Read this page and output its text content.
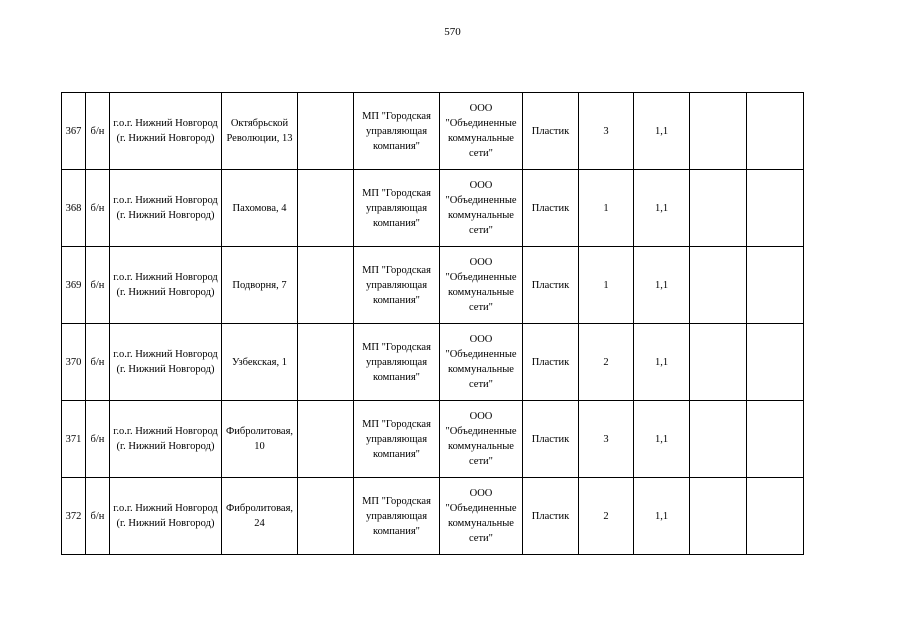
570
367	б/н	г.о.г. Нижний Новгород (г. Нижний Новгород)	Октябрьской Революции, 13		МП "Городская управляющая компания"	ООО "Объединенные коммунальные сети"	Пластик	3	1,1		
368	б/н	г.о.г. Нижний Новгород (г. Нижний Новгород)	Пахомова, 4		МП "Городская управляющая компания"	ООО "Объединенные коммунальные сети"	Пластик	1	1,1		
369	б/н	г.о.г. Нижний Новгород (г. Нижний Новгород)	Подворня, 7		МП "Городская управляющая компания"	ООО "Объединенные коммунальные сети"	Пластик	1	1,1		
370	б/н	г.о.г. Нижний Новгород (г. Нижний Новгород)	Узбекская, 1		МП "Городская управляющая компания"	ООО "Объединенные коммунальные сети"	Пластик	2	1,1		
371	б/н	г.о.г. Нижний Новгород (г. Нижний Новгород)	Фибролитовая, 10		МП "Городская управляющая компания"	ООО "Объединенные коммунальные сети"	Пластик	3	1,1		
372	б/н	г.о.г. Нижний Новгород (г. Нижний Новгород)	Фибролитовая, 24		МП "Городская управляющая компания"	ООО "Объединенные коммунальные сети"	Пластик	2	1,1		
